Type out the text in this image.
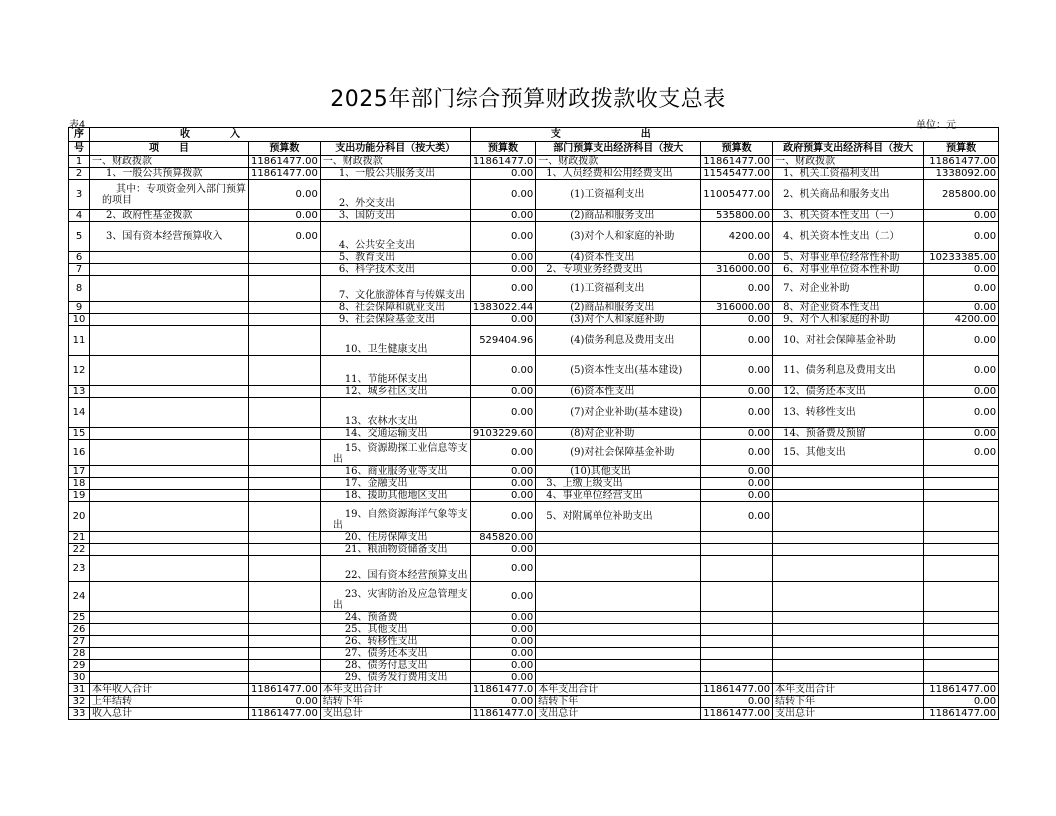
2025年部门综合预算财政拨款收支总表
表4	单位：元
序	收　　　　入			支　　　　　　　　出				
号	项　　目	预算数	支出功能分科目（按大类）	预算数	部门预算支出经济科目（按大	预算数	政府预算支出经济科目（按大	预算数
1	一、财政拨款	11861477.00	一、财政拨款	11861477.0	一、财政拨款	11861477.00	一、财政拨款	11861477.00
2	1、一般公共预算拨款	11861477.00	1、一般公共服务支出	0.00	1、人员经费和公用经费支出	11545477.00	1、机关工资福利支出	1338092.00
3	其中：专项资金列入部门预算的项目	0.00	2、外交支出	0.00	(1)工资福利支出	11005477.00	2、机关商品和服务支出	285800.00
4	2、政府性基金拨款	0.00	3、国防支出	0.00	(2)商品和服务支出	535800.00	3、机关资本性支出（一）	0.00
5	3、国有资本经营预算收入	0.00	4、公共安全支出	0.00	(3)对个人和家庭的补助	4200.00	4、机关资本性支出（二）	0.00
6			5、教育支出	0.00	(4)资本性支出	0.00	5、对事业单位经常性补助	10233385.00
7			6、科学技术支出	0.00	2、专项业务经费支出	316000.00	6、对事业单位资本性补助	0.00
8			7、文化旅游体育与传媒支出	0.00	(1)工资福利支出	0.00	7、对企业补助	0.00
9			8、社会保障和就业支出	1383022.44	(2)商品和服务支出	316000.00	8、对企业资本性支出	0.00
10			9、社会保险基金支出	0.00	(3)对个人和家庭补助	0.00	9、对个人和家庭的补助	4200.00
11			10、卫生健康支出	529404.96	(4)债务利息及费用支出	0.00	10、对社会保障基金补助	0.00
12			11、节能环保支出	0.00	(5)资本性支出(基本建设)	0.00	11、债务利息及费用支出	0.00
13			12、城乡社区支出	0.00	(6)资本性支出	0.00	12、债务还本支出	0.00
14			13、农林水支出	0.00	(7)对企业补助(基本建设)	0.00	13、转移性支出	0.00
15			14、交通运输支出	9103229.60	(8)对企业补助	0.00	14、预备费及预留	0.00
16			15、资源勘探工业信息等支出	0.00	(9)对社会保障基金补助	0.00	15、其他支出	0.00
17			16、商业服务业等支出	0.00	(10)其他支出	0.00		
18			17、金融支出	0.00	3、上缴上级支出	0.00		
19			18、援助其他地区支出	0.00	4、事业单位经营支出	0.00		
20			19、自然资源海洋气象等支出	0.00	5、对附属单位补助支出	0.00		
21			20、住房保障支出	845820.00				
22			21、粮油物资储备支出	0.00				
23			22、国有资本经营预算支出	0.00				
24			23、灾害防治及应急管理支出	0.00				
25			24、预备费	0.00				
26			25、其他支出	0.00				
27			26、转移性支出	0.00				
28			27、债务还本支出	0.00				
29			28、债务付息支出	0.00				
30			29、债务发行费用支出	0.00				
31	本年收入合计	11861477.00	本年支出合计	11861477.0	本年支出合计	11861477.00	本年支出合计	11861477.00
32	上年结转	0.00	结转下年	0.00	结转下年	0.00	结转下年	0.00
33	收入总计	11861477.00	支出总计	11861477.0	支出总计	11861477.00	支出总计	11861477.00
